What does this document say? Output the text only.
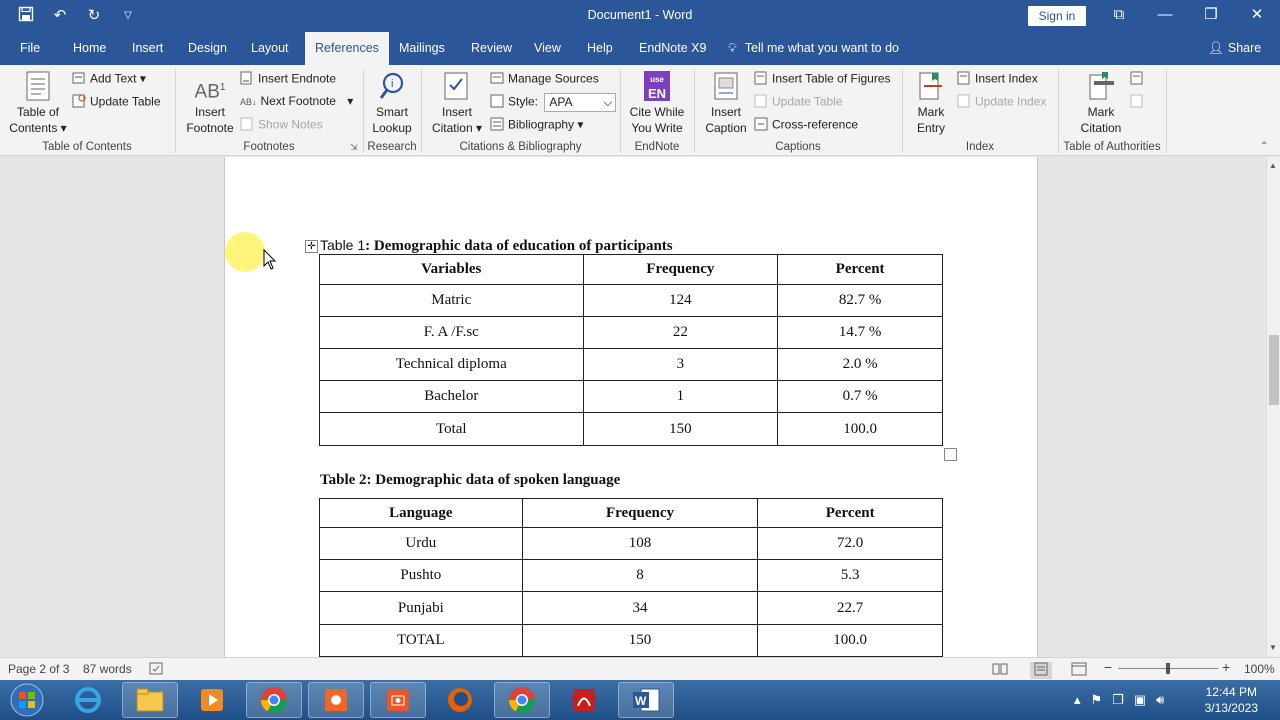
↶	↻	▽	Document1 - Word	Sign in	⧉	—	❐	✕
File	Home	Insert	Design	Layout	References	Mailings	Review	View	Help	EndNote X9	💡︎ Tell me what you want to do	👤︎ Share
Table of
Contents ▾
Add Text ▾
Update Table
Table of Contents
$AB^1$
Insert
Footnote
Insert Endnote
AB↓ Next Footnote ▾
Show Notes
Footnotes	⇲
i
Smart
Lookup
Research
Insert
Citation ▾
Manage Sources
Style: APA	⌵
Bibliography ▾
Citations & Bibliography
use
EN
Cite While
You Write
EndNote
Insert
Caption
Insert Table of Figures
Update Table
Cross-reference
Captions
Mark
Entry
Insert Index
Update Index
Index
Mark
Citation
Table of Authorities	⌃
✛ Table 1: Demographic data of education of participants
Variables	Frequency	Percent
Matric	124	82.7 %
F. A /F.sc	22	14.7 %
Technical diploma	3	2.0 %
Bachelor	1	0.7 %
Total	150	100.0
Table 2: Demographic data of spoken language
Language	Frequency	Percent
Urdu	108	72.0
Pushto	8	5.3
Punjabi	34	22.7
TOTAL	150	100.0
▲
▼
Page 2 of 3 87 words	−	+ 100%
W	▴ ⚑ ❐ ▣ 🔊︎	12:44 PM
3/13/2023
